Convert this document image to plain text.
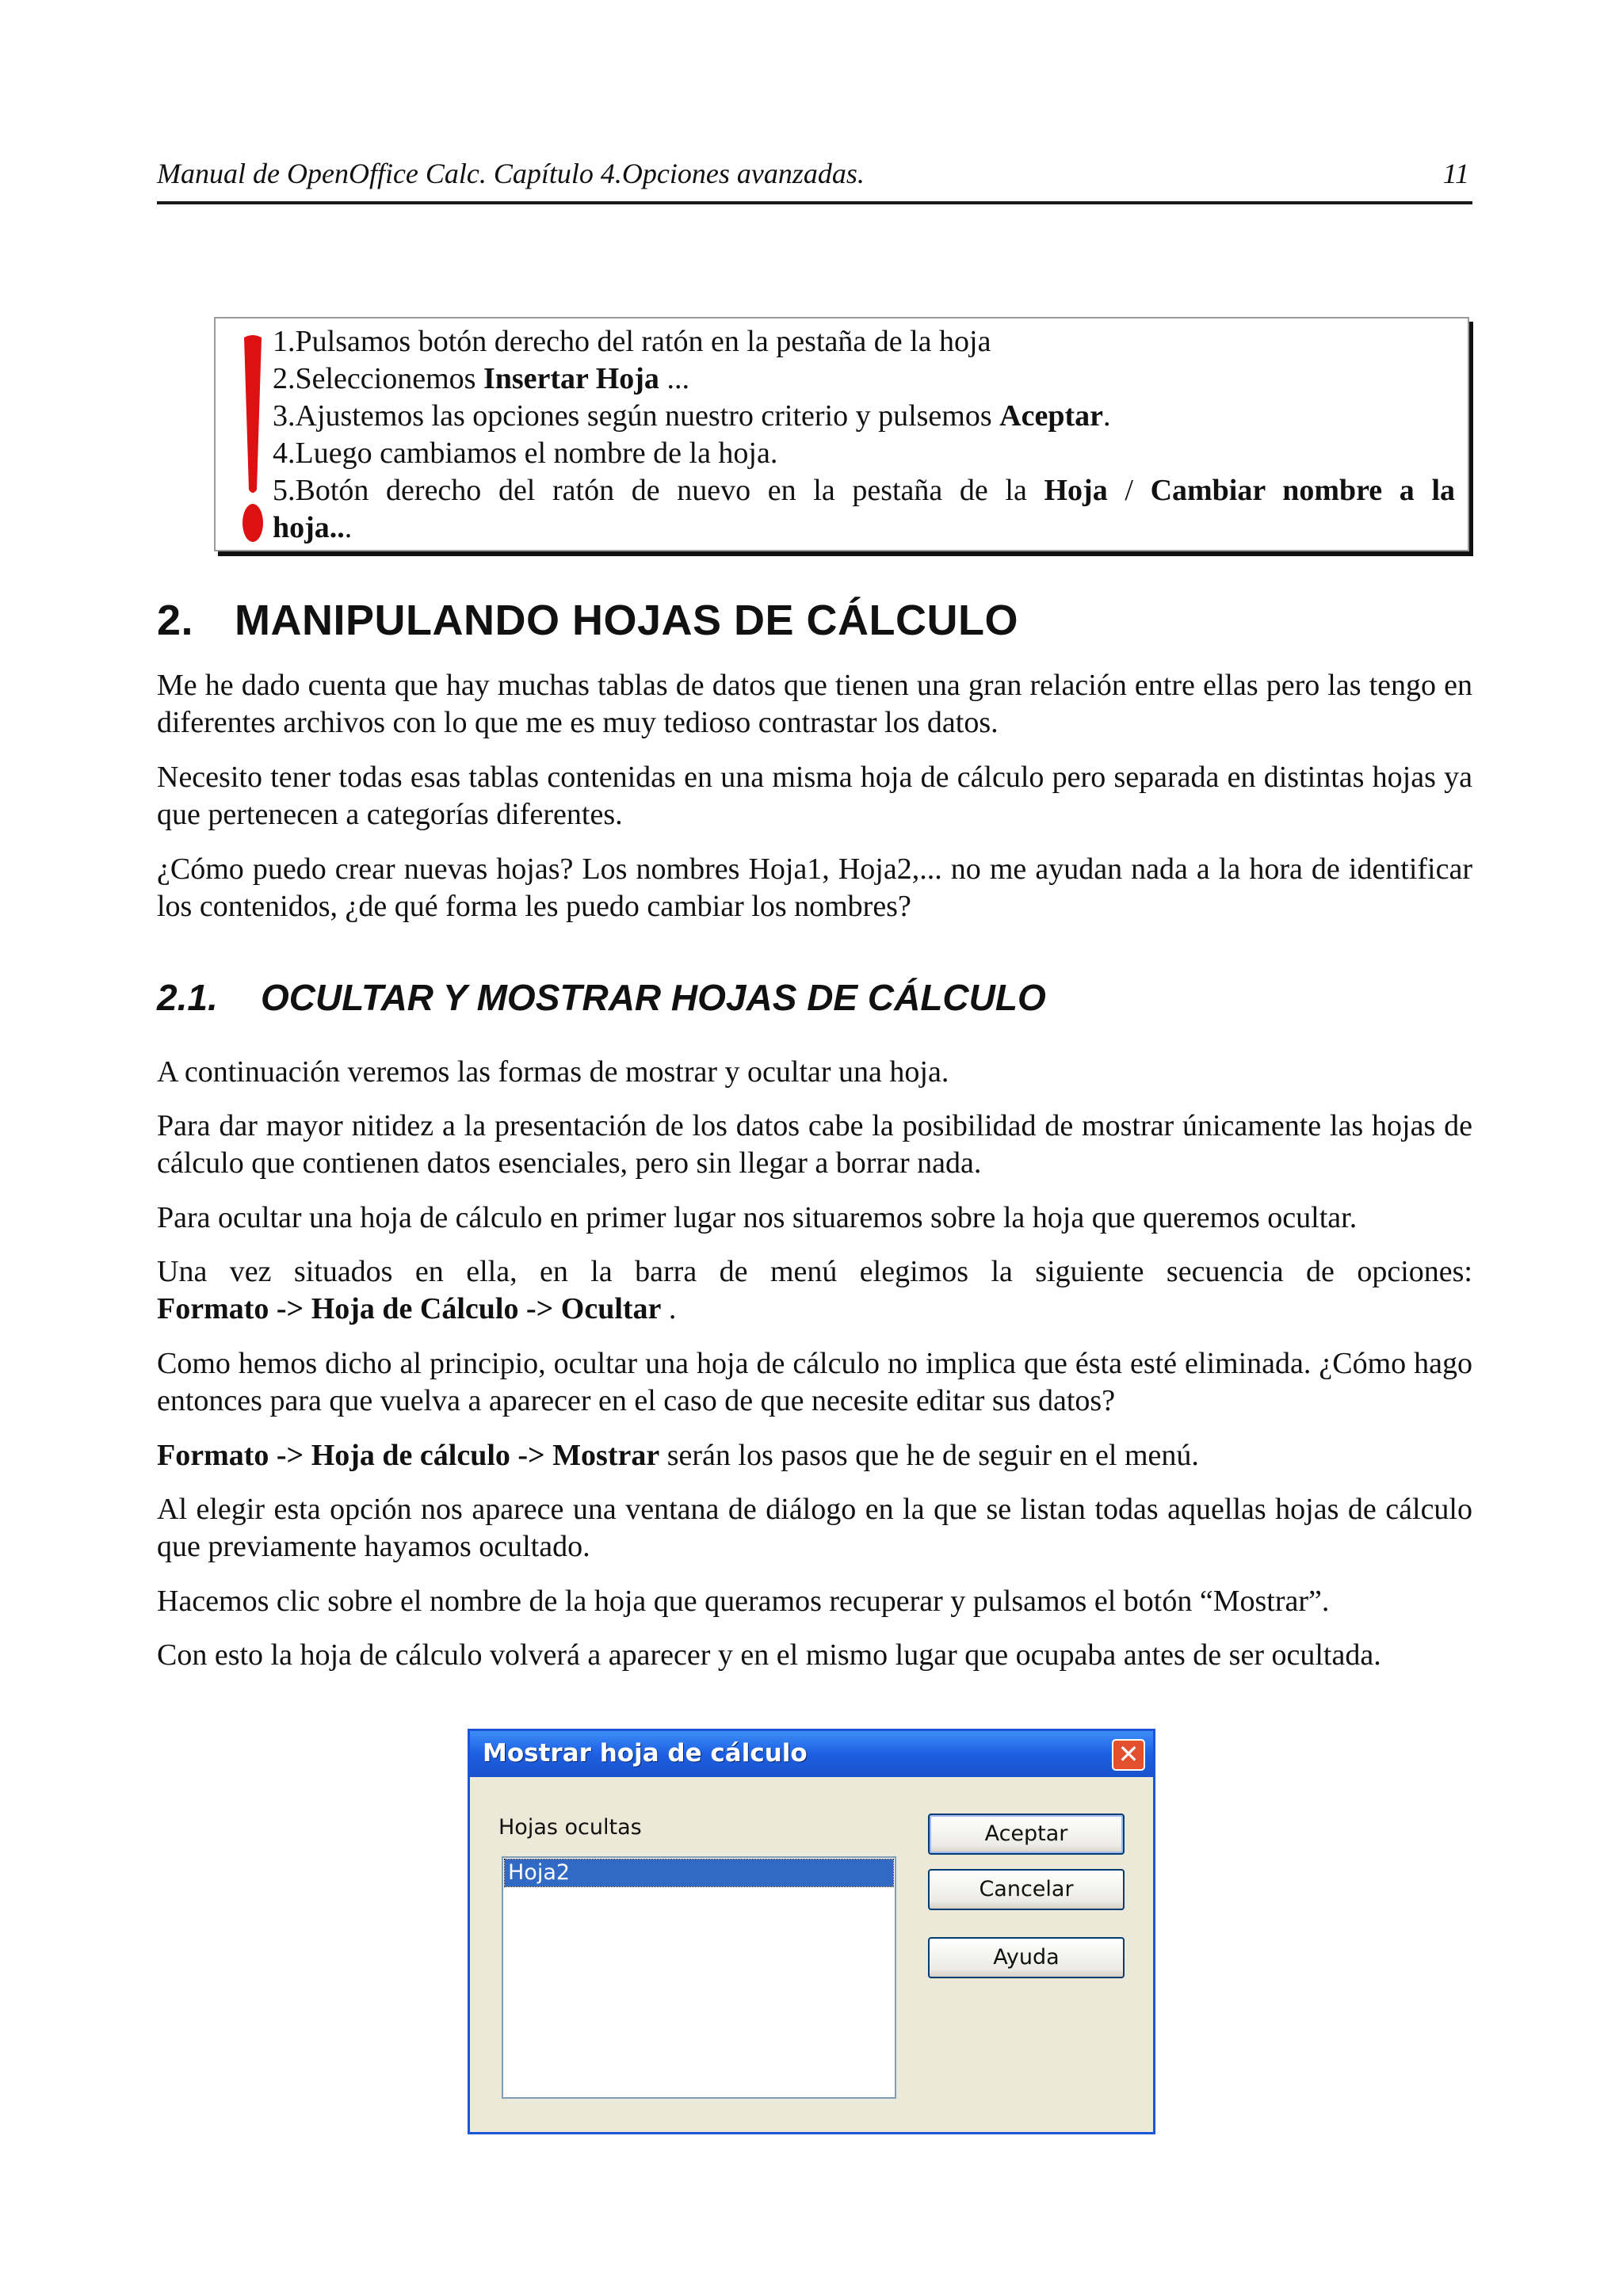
Manual de OpenOffice Calc. Capítulo 4.Opciones avanzadas.	11
1.Pulsamos botón derecho del ratón en la pestaña de la hoja
2.Seleccionemos Insertar Hoja ...
3.Ajustemos las opciones según nuestro criterio y pulsemos Aceptar.
4.Luego cambiamos el nombre de la hoja.
5.Botón derecho del ratón de nuevo en la pestaña de la Hoja / Cambiar nombre a la
hoja...
2. MANIPULANDO HOJAS DE CÁLCULO

Me he dado cuenta que hay muchas tablas de datos que tienen una gran relación entre ellas pero las tengo en diferentes archivos con lo que me es muy tedioso contrastar los datos.

Necesito tener todas esas tablas contenidas en una misma hoja de cálculo pero separada en distintas hojas ya que pertenecen a categorías diferentes.

¿Cómo puedo crear nuevas hojas? Los nombres Hoja1, Hoja2,... no me ayudan nada a la hora de identificar los contenidos, ¿de qué forma les puedo cambiar los nombres?

2.1. OCULTAR Y MOSTRAR HOJAS DE CÁLCULO

A continuación veremos las formas de mostrar y ocultar una hoja.

Para dar mayor nitidez a la presentación de los datos cabe la posibilidad de mostrar únicamente las hojas de cálculo que contienen datos esenciales, pero sin llegar a borrar nada.

Para ocultar una hoja de cálculo en primer lugar nos situaremos sobre la hoja que queremos ocultar.

Una vez situados en ella, en la barra de menú elegimos la siguiente secuencia de opciones:

Formato -> Hoja de Cálculo -> Ocultar .

Como hemos dicho al principio, ocultar una hoja de cálculo no implica que ésta esté eliminada. ¿Cómo hago entonces para que vuelva a aparecer en el caso de que necesite editar sus datos?

Formato -> Hoja de cálculo -> Mostrar serán los pasos que he de seguir en el menú.

Al elegir esta opción nos aparece una ventana de diálogo en la que se listan todas aquellas hojas de cálculo que previamente hayamos ocultado.

Hacemos clic sobre el nombre de la hoja que queramos recuperar y pulsamos el botón “Mostrar”.

Con esto la hoja de cálculo volverá a aparecer y en el mismo lugar que ocupaba antes de ser ocultada.

Mostrar hoja de cálculo	✕
Hojas ocultas
Hoja2
Aceptar
Cancelar
Ayuda
